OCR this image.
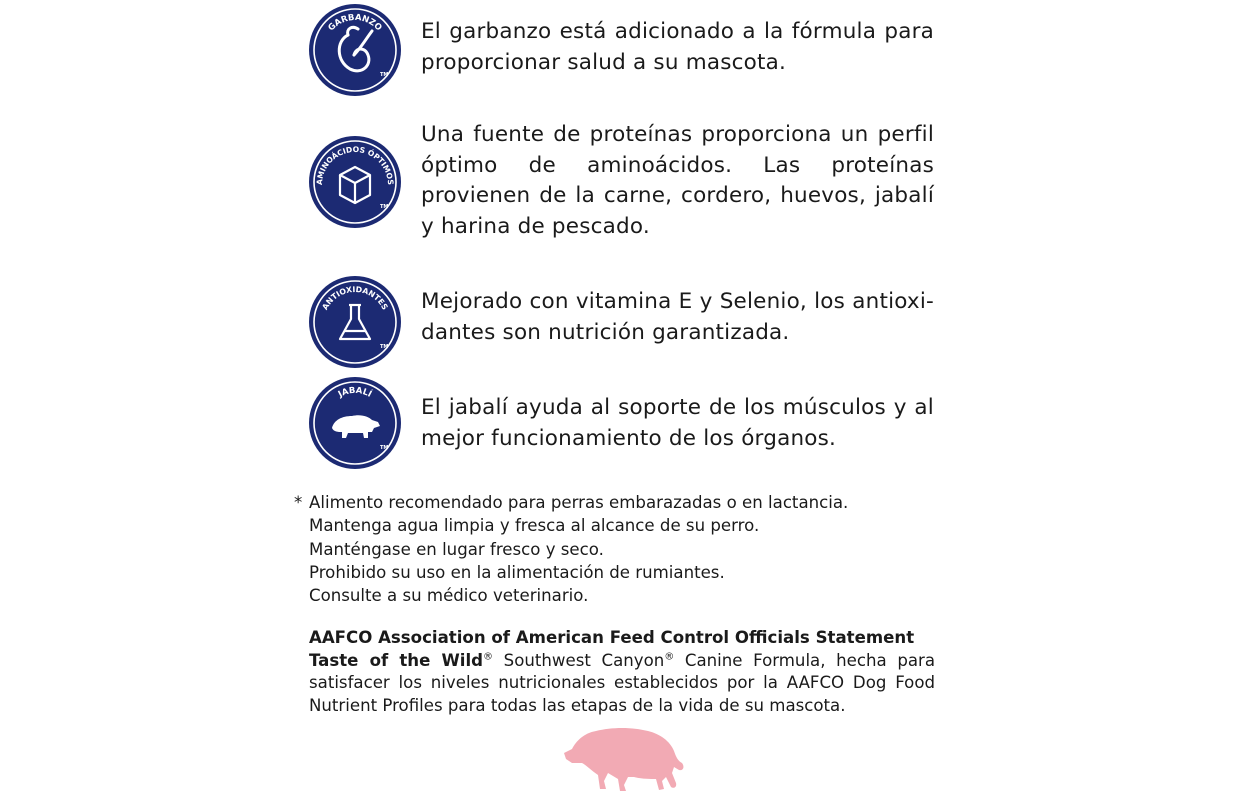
GARBANZO
TM
El garbanzo está adicionado a la fórmula para proporcionar salud a su mascota.
AMINOÁCIDOS ÓPTIMOS
TM
Una fuente de proteínas proporciona un perfil óptimo de aminoácidos. Las proteínas provienen de la carne, cordero, huevos, jabalí y harina de pescado.
ANTIOXIDANTES
TM
Mejorado con vitamina E y Selenio, los antioxi-dantes son nutrición garantizada.
JABALÍ
TM
El jabalí ayuda al soporte de los músculos y al mejor funcionamiento de los órganos.
* Alimento recomendado para perras embarazadas o en lactancia.
Mantenga agua limpia y fresca al alcance de su perro.
Manténgase en lugar fresco y seco.
Prohibido su uso en la alimentación de rumiantes.
Consulte a su médico veterinario.
AAFCO Association of American Feed Control Officials Statement
Taste of the Wild® Southwest Canyon® Canine Formula, hecha para satisfacer los niveles nutricionales establecidos por la AAFCO Dog Food Nutrient Profiles para todas las etapas de la vida de su mascota.
